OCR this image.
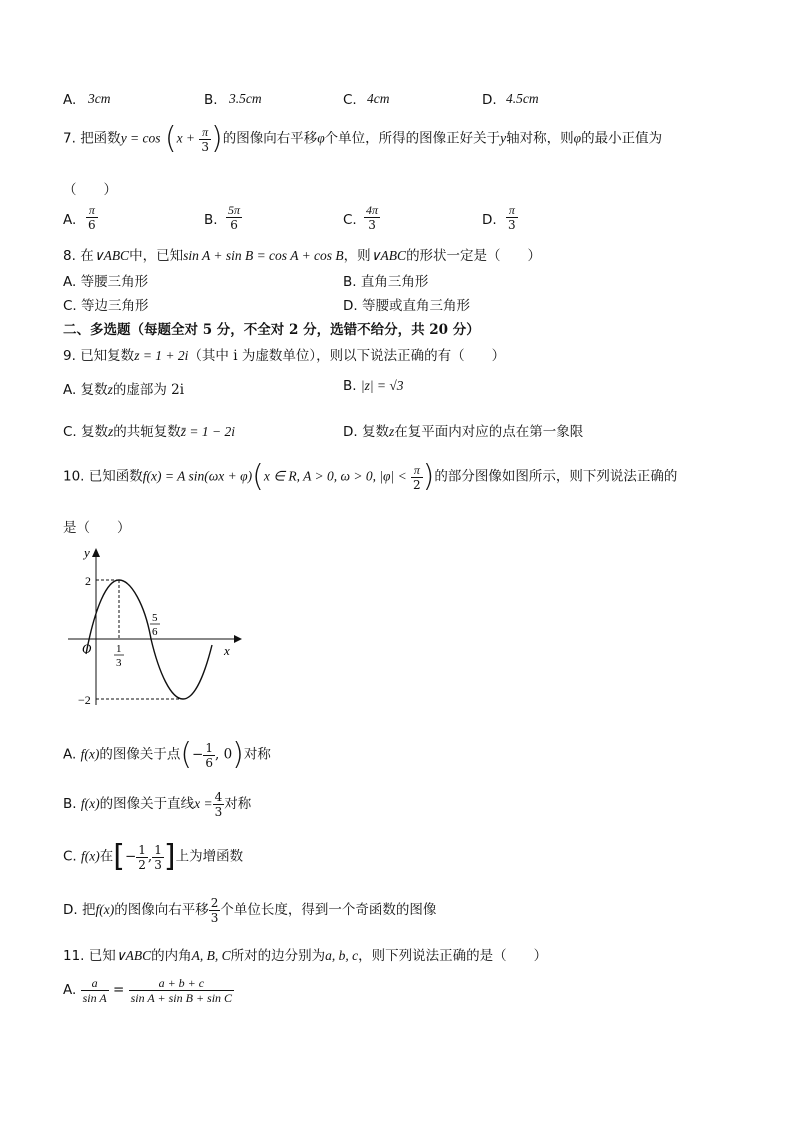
A. 3cm	B. 3.5cm	C. 4cm	D. 4.5cm
7. 把函数$y = \cos (x + \frac{\pi}{3}$ )的图像向右平移φ个单位，所得的图像正好关于y轴对称，则φ的最小正值为
（　　）
A. $\frac{\pi}{6}$	B. $\frac{5\pi}{6}$	C. $\frac{4\pi}{3}$	D. $\frac{\pi}{3}$
8. 在∨ABC中，已知sin A + sin B = cos A + cos B，则∨ABC的形状一定是（　　）
A. 等腰三角形	B. 直角三角形
C. 等边三角形	D. 等腰或直角三角形
二、多选题（每题全对 5 分，不全对 2 分，选错不给分，共 20 分）
9. 已知复数z = 1 + 2i（其中 i 为虚数单位），则以下说法正确的有（　　）
A. 复数z的虚部为 2i	B. |z| = √3
C. 复数z的共轭复数z̄ = 1 − 2i	D. 复数z在复平面内对应的点在第一象限
10. 已知函数f(x) = A sin(ωx + φ)(x ∈ R, A > 0, ω > 0, $|\varphi| < \frac{\pi}{2}$ )的部分图像如图所示，则下列说法正确的
是（　　）
y
x
O
2
−2
1
3
5
6
A. f(x)的图像关于点(− $\frac{1}{6}$ , 0)对称
B. f(x)的图像关于直线$x = \frac{4}{3}$ 对称
C. f(x)在[− $\frac{1}{2}$ , $\frac{1}{3}$ ]上为增函数
D. 把f(x)的图像向右平移 $\frac{2}{3}$ 个单位长度，得到一个奇函数的图像
11. 已知∨ABC的内角A, B, C所对的边分别为a, b, c，则下列说法正确的是（　　）
A. $\frac{a}{\text{sin A}} = \frac{a + b + c}{\text{sin A + sin B + sin C}}$
